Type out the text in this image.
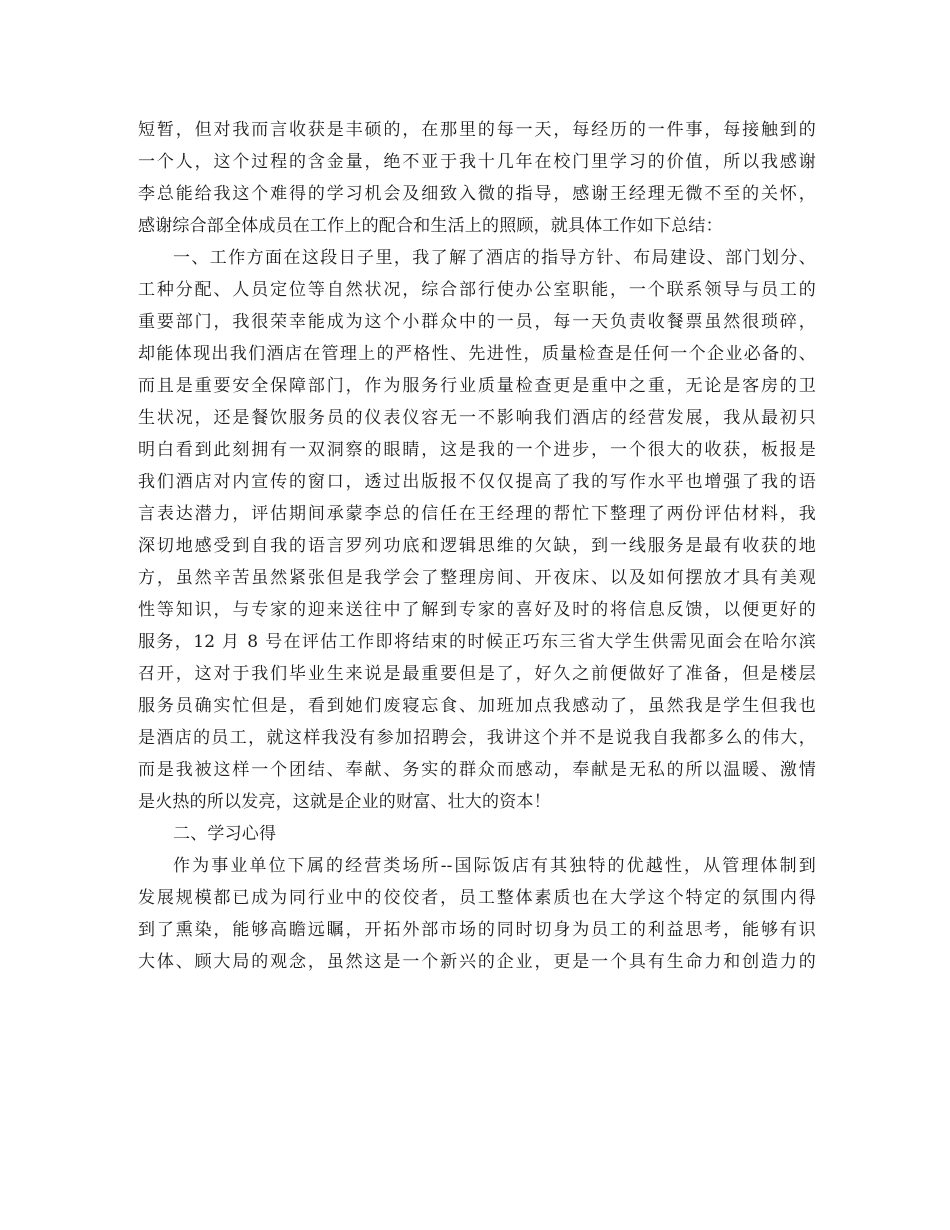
短暂，但对我而言收获是丰硕的，在那里的每一天，每经历的一件事，每接触到的
一个人，这个过程的含金量，绝不亚于我十几年在校门里学习的价值，所以我感谢
李总能给我这个难得的学习机会及细致入微的指导，感谢王经理无微不至的关怀，
感谢综合部全体成员在工作上的配合和生活上的照顾，就具体工作如下总结：
一、工作方面在这段日子里，我了解了酒店的指导方针、布局建设、部门划分、
工种分配、人员定位等自然状况，综合部行使办公室职能，一个联系领导与员工的
重要部门，我很荣幸能成为这个小群众中的一员，每一天负责收餐票虽然很琐碎，
却能体现出我们酒店在管理上的严格性、先进性，质量检查是任何一个企业必备的、
而且是重要安全保障部门，作为服务行业质量检查更是重中之重，无论是客房的卫
生状况，还是餐饮服务员的仪表仪容无一不影响我们酒店的经营发展，我从最初只
明白看到此刻拥有一双洞察的眼睛，这是我的一个进步，一个很大的收获，板报是
我们酒店对内宣传的窗口，透过出版报不仅仅提高了我的写作水平也增强了我的语
言表达潜力，评估期间承蒙李总的信任在王经理的帮忙下整理了两份评估材料，我
深切地感受到自我的语言罗列功底和逻辑思维的欠缺，到一线服务是最有收获的地
方，虽然辛苦虽然紧张但是我学会了整理房间、开夜床、以及如何摆放才具有美观
性等知识，与专家的迎来送往中了解到专家的喜好及时的将信息反馈，以便更好的
服务，12 月 8 号在评估工作即将结束的时候正巧东三省大学生供需见面会在哈尔滨
召开，这对于我们毕业生来说是最重要但是了，好久之前便做好了准备，但是楼层
服务员确实忙但是，看到她们废寝忘食、加班加点我感动了，虽然我是学生但我也
是酒店的员工，就这样我没有参加招聘会，我讲这个并不是说我自我都多么的伟大，
而是我被这样一个团结、奉献、务实的群众而感动，奉献是无私的所以温暖、激情
是火热的所以发亮，这就是企业的财富、壮大的资本！
二、学习心得
作为事业单位下属的经营类场所--国际饭店有其独特的优越性，从管理体制到
发展规模都已成为同行业中的佼佼者，员工整体素质也在大学这个特定的氛围内得
到了熏染，能够高瞻远瞩，开拓外部市场的同时切身为员工的利益思考，能够有识
大体、顾大局的观念，虽然这是一个新兴的企业，更是一个具有生命力和创造力的
